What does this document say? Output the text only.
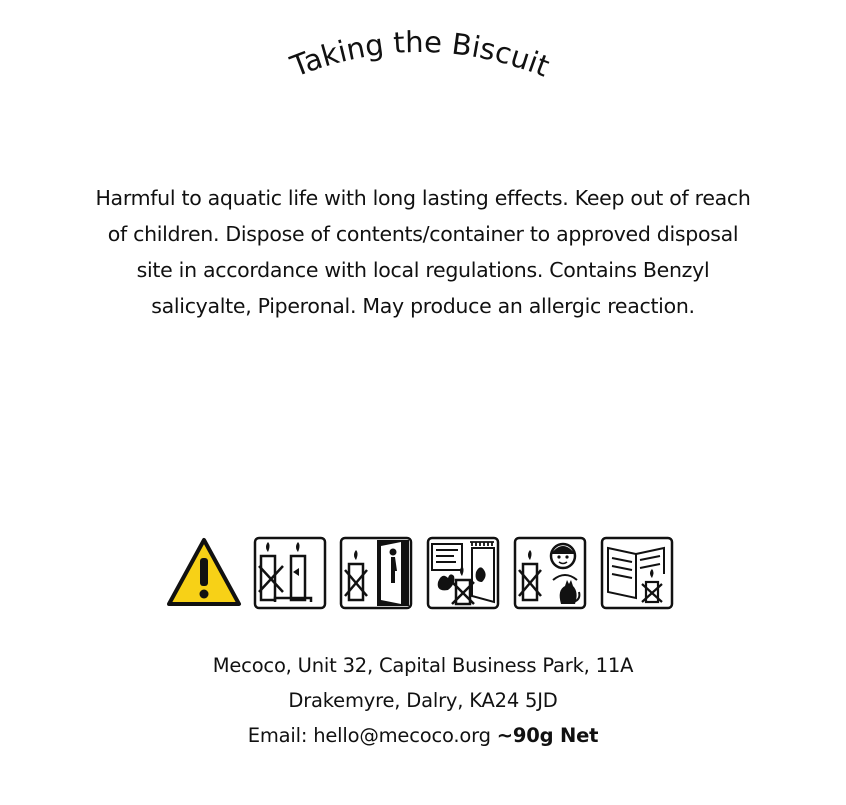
Taking the Biscuit
Harmful to aquatic life with long lasting effects. Keep out of reach of children. Dispose of contents/container to approved disposal site in accordance with local regulations. Contains Benzyl salicyalte, Piperonal. May produce an allergic reaction.
Mecoco, Unit 32, Capital Business Park, 11A
Drakemyre, Dalry, KA24 5JD
Email: hello@mecoco.org ~90g Net
